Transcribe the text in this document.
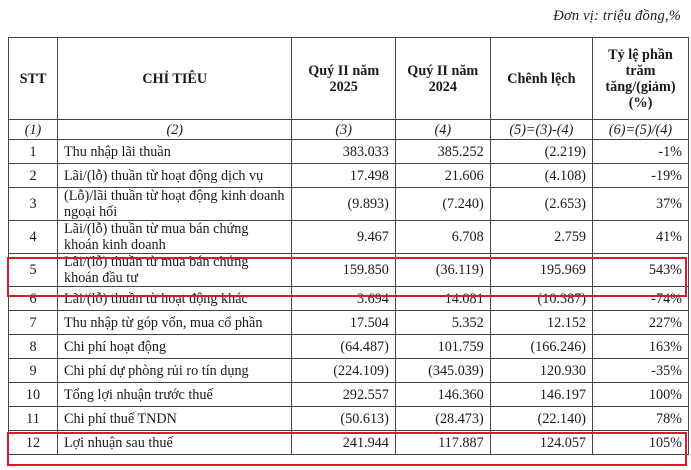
Đơn vị: triệu đồng,%
STT	CHỈ TIÊU	Quý II năm 2025	Quý II năm 2024	Chênh lệch	Tỷ lệ phần trăm tăng/(giảm) (%)
(1)	(2)	(3)	(4)	(5)=(3)-(4)	(6)=(5)/(4)
1	Thu nhập lãi thuần	383.033	385.252	(2.219)	-1%
2	Lãi/(lỗ) thuần từ hoạt động dịch vụ	17.498	21.606	(4.108)	-19%
3	(Lỗ)/lãi thuần từ hoạt động kinh doanh ngoại hối	(9.893)	(7.240)	(2.653)	37%
4	Lãi/(lỗ) thuần từ mua bán chứng khoán kinh doanh	9.467	6.708	2.759	41%
5	Lãi/(lỗ) thuần từ mua bán chứng khoán đầu tư	159.850	(36.119)	195.969	543%
6	Lãi/(lỗ) thuần từ hoạt động khác	3.694	14.081	(10.387)	-74%
7	Thu nhập từ góp vốn, mua cổ phần	17.504	5.352	12.152	227%
8	Chi phí hoạt động	(64.487)	101.759	(166.246)	163%
9	Chi phí dự phòng rủi ro tín dụng	(224.109)	(345.039)	120.930	-35%
10	Tổng lợi nhuận trước thuế	292.557	146.360	146.197	100%
11	Chi phí thuế TNDN	(50.613)	(28.473)	(22.140)	78%
12	Lợi nhuận sau thuế	241.944	117.887	124.057	105%
